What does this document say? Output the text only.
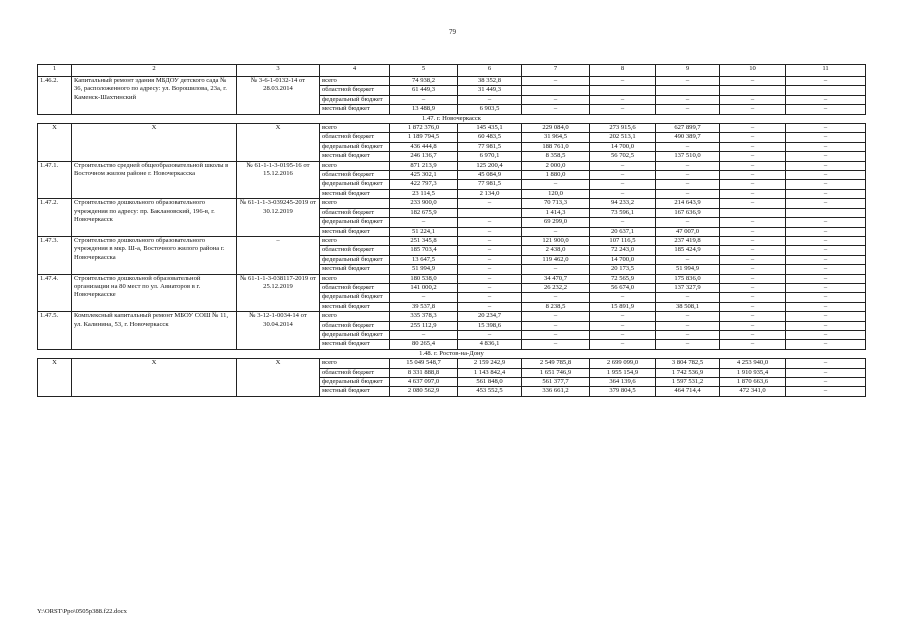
79
1	2	3	4	5	6	7	8	9	10	11
1.46.2.	Капитальный ремонт здания МБДОУ детского сада № 36, расположенного по адресу: ул. Ворошилова, 23а, г. Каменск-Шахтинский	№ 3-6-1-0132-14 от 28.03.2014	всего	74 938,2	38 352,8	–	–	–	–	–
			областной бюджет	61 449,3	31 449,3					
			федеральный бюджет	–	–	–	–	–	–	–
			местный бюджет	13 488,9	6 903,5	–	–	–	–	–
1.47. г. Новочеркасск										
X	X	X	всего	1 872 376,0	145 435,1	229 084,0	273 915,6	627 899,7	–	–
			областной бюджет	1 189 794,5	60 483,5	31 964,5	202 513,1	490 389,7	–	–
			федеральный бюджет	436 444,8	77 981,5	188 761,0	14 700,0	–	–	–
			местный бюджет	246 136,7	6 970,1	8 358,5	56 702,5	137 510,0	–	–
1.47.1.	Строительство средней общеобразовательной школы в Восточном жилом районе г. Новочеркасска	№ 61-1-1-3-0195-16 от 15.12.2016	всего	871 213,9	125 200,4	2 000,0	–	–	–	–
			областной бюджет	425 302,1	45 084,9	1 880,0	–	–	–	–
			федеральный бюджет	422 797,3	77 981,5	–	–	–	–	–
			местный бюджет	23 114,5	2 134,0	120,0	–	–	–	–
1.47.2.	Строительство дошкольного образовательного учреждения по адресу: пр. Баклановский, 196-в, г. Новочеркасск	№ 61-1-1-3-039245-2019 от 30.12.2019	всего	233 900,0	–	70 713,3	94 233,2	214 643,9	–	–
			областной бюджет	182 675,9		1 414,3	73 596,1	167 636,9		
			федеральный бюджет	–	–	69 299,0	–	–	–	–
			местный бюджет	51 224,1	–	–	20 637,1	47 007,0	–	–
1.47.3.	Строительство дошкольного образовательного учреждения в мкр. Ш-а, Восточного жилого района г. Новочеркасска	–	всего	251 345,8	–	121 900,0	107 116,5	237 419,8	–	–
			областной бюджет	185 703,4	–	2 438,0	72 243,0	185 424,9	–	–
			федеральный бюджет	13 647,5	–	119 462,0	14 700,0	–	–	–
			местный бюджет	51 994,9	–	–	20 173,5	51 994,9	–	–
1.47.4.	Строительство дошкольной образовательной организации на 80 мест по ул. Авиаторов в г. Новочеркасске	№ 61-1-1-3-038117-2019 от 25.12.2019	всего	180 538,0	–	34 470,7	72 565,9	175 836,0	–	–
			областной бюджет	141 000,2	–	26 232,2	56 674,0	137 327,9	–	–
			федеральный бюджет	–	–	–	–	–	–	–
			местный бюджет	39 537,8	–	8 238,5	15 891,9	38 508,1	–	–
1.47.5.	Комплексный капитальный ремонт МБОУ СОШ № 11, ул. Калинина, 53, г. Новочеркасск	№ 3-12-1-0034-14 от 30.04.2014	всего	335 378,3	20 234,7	–	–	–	–	–
			областной бюджет	255 112,9	15 398,6	–	–	–	–	–
			федеральный бюджет	–	–	–	–	–	–	–
			местный бюджет	80 265,4	4 836,1	–	–	–	–	–
1.48. г. Ростов-на-Дону										
X	X	X	всего	15 049 548,7	2 159 242,9	2 549 785,8	2 699 099,0	3 804 782,5	4 253 940,0	–
			областной бюджет	8 331 888,8	1 143 842,4	1 651 746,9	1 955 154,9	1 742 536,9	1 910 935,4	–
			федеральный бюджет	4 637 097,0	561 848,0	561 377,7	364 139,6	1 597 531,2	1 870 663,6	–
			местный бюджет	2 080 562,9	453 552,5	336 661,2	379 804,5	464 714,4	472 341,0	–
Y:\ORST\Ppo\0505p388.f22.docx
